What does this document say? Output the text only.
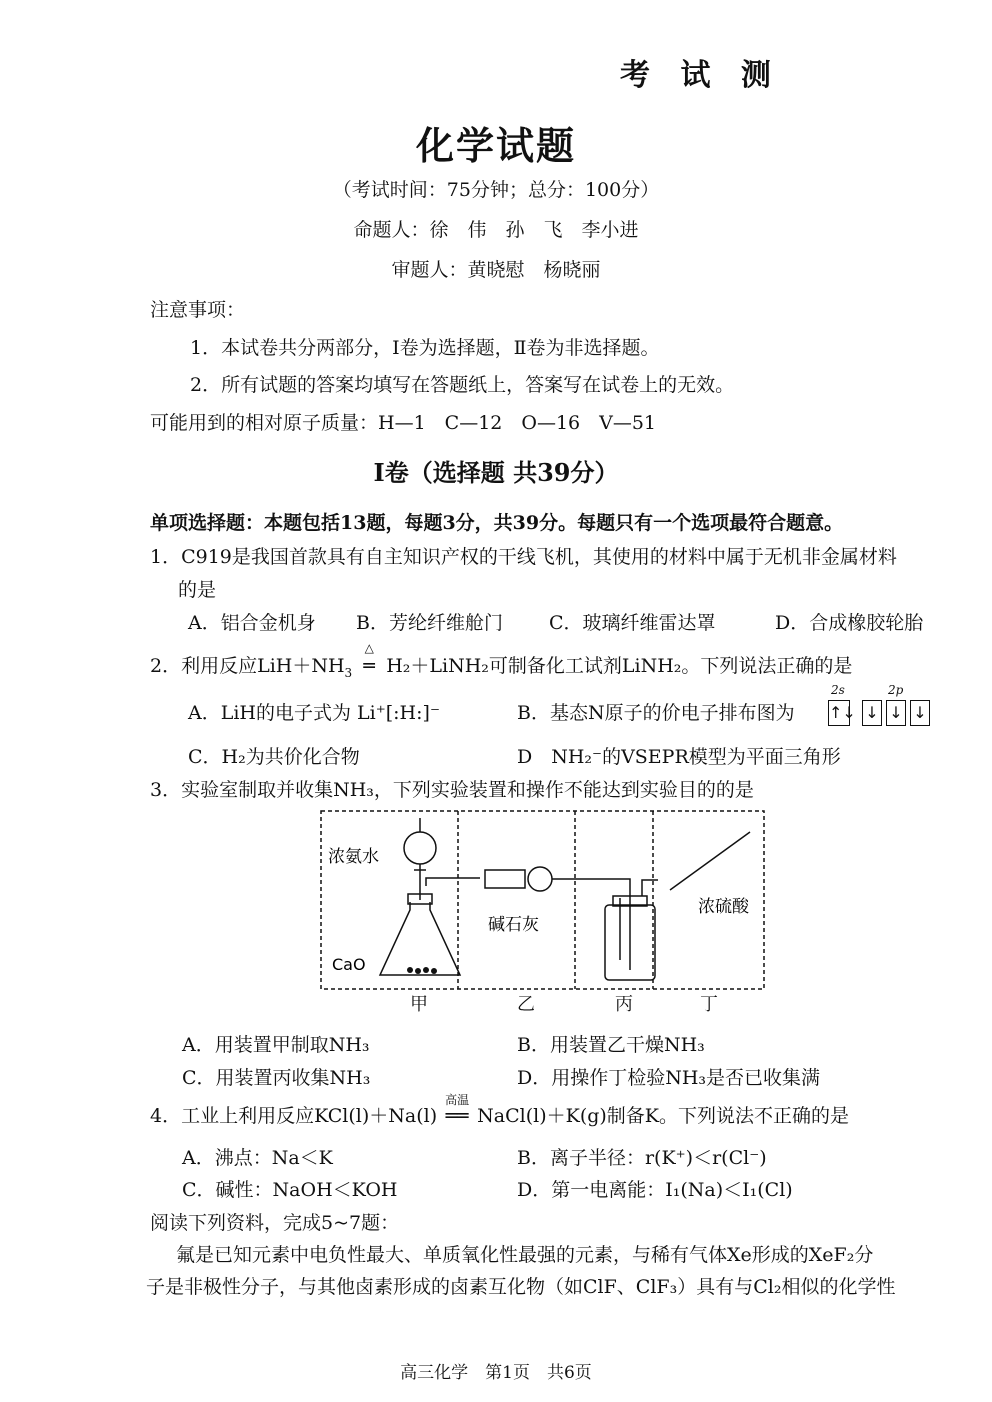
考 试 测
化学试题
（考试时间：75分钟；总分：100分）
命题人：徐　伟　孙　飞　李小进
审题人：黄晓慰　杨晓丽
注意事项：
1．本试卷共分两部分，Ⅰ卷为选择题，Ⅱ卷为非选择题。
2．所有试题的答案均填写在答题纸上，答案写在试卷上的无效。
可能用到的相对原子质量：H—1　C—12　O—16　V—51
Ⅰ卷（选择题 共39分）
单项选择题：本题包括13题，每题3分，共39分。每题只有一个选项最符合题意。
1．C919是我国首款具有自主知识产权的干线飞机，其使用的材料中属于无机非金属材料
的是
A．铝合金机身 B．芳纶纤维舱门 C．玻璃纤维雷达罩	D．合成橡胶轮胎
2．利用反应$LiH+NH_3$
△
═ H₂＋LiNH₂可制备化工试剂LiNH₂。下列说法正确的是
A．LiH的电子式为 Li⁺[:H:]⁻	B．基态N原子的价电子排布图为
2s	2p
↑↓ ↓ ↓ ↓
C．H₂为共价化合物	D　NH₂⁻的VSEPR模型为平面三角形
3．实验室制取并收集NH₃，下列实验装置和操作不能达到实验目的的是
浓氨水
CaO
碱石灰
浓硫酸
甲	乙	丙	丁
A．用装置甲制取NH₃	B．用装置乙干燥NH₃
C．用装置丙收集NH₃	D．用操作丁检验NH₃是否已收集满
4．工业上利用反应KCl(l)＋Na(l)
高温
══ NaCl(l)＋K(g)制备K。下列说法不正确的是
A．沸点：Na＜K	B．离子半径：r(K⁺)＜r(Cl⁻)
C．碱性：NaOH＜KOH	D．第一电离能：I₁(Na)＜I₁(Cl)
阅读下列资料，完成5~7题：
氟是已知元素中电负性最大、单质氧化性最强的元素，与稀有气体Xe形成的XeF₂分
子是非极性分子，与其他卤素形成的卤素互化物（如ClF、ClF₃）具有与Cl₂相似的化学性
高三化学　第1页　共6页
